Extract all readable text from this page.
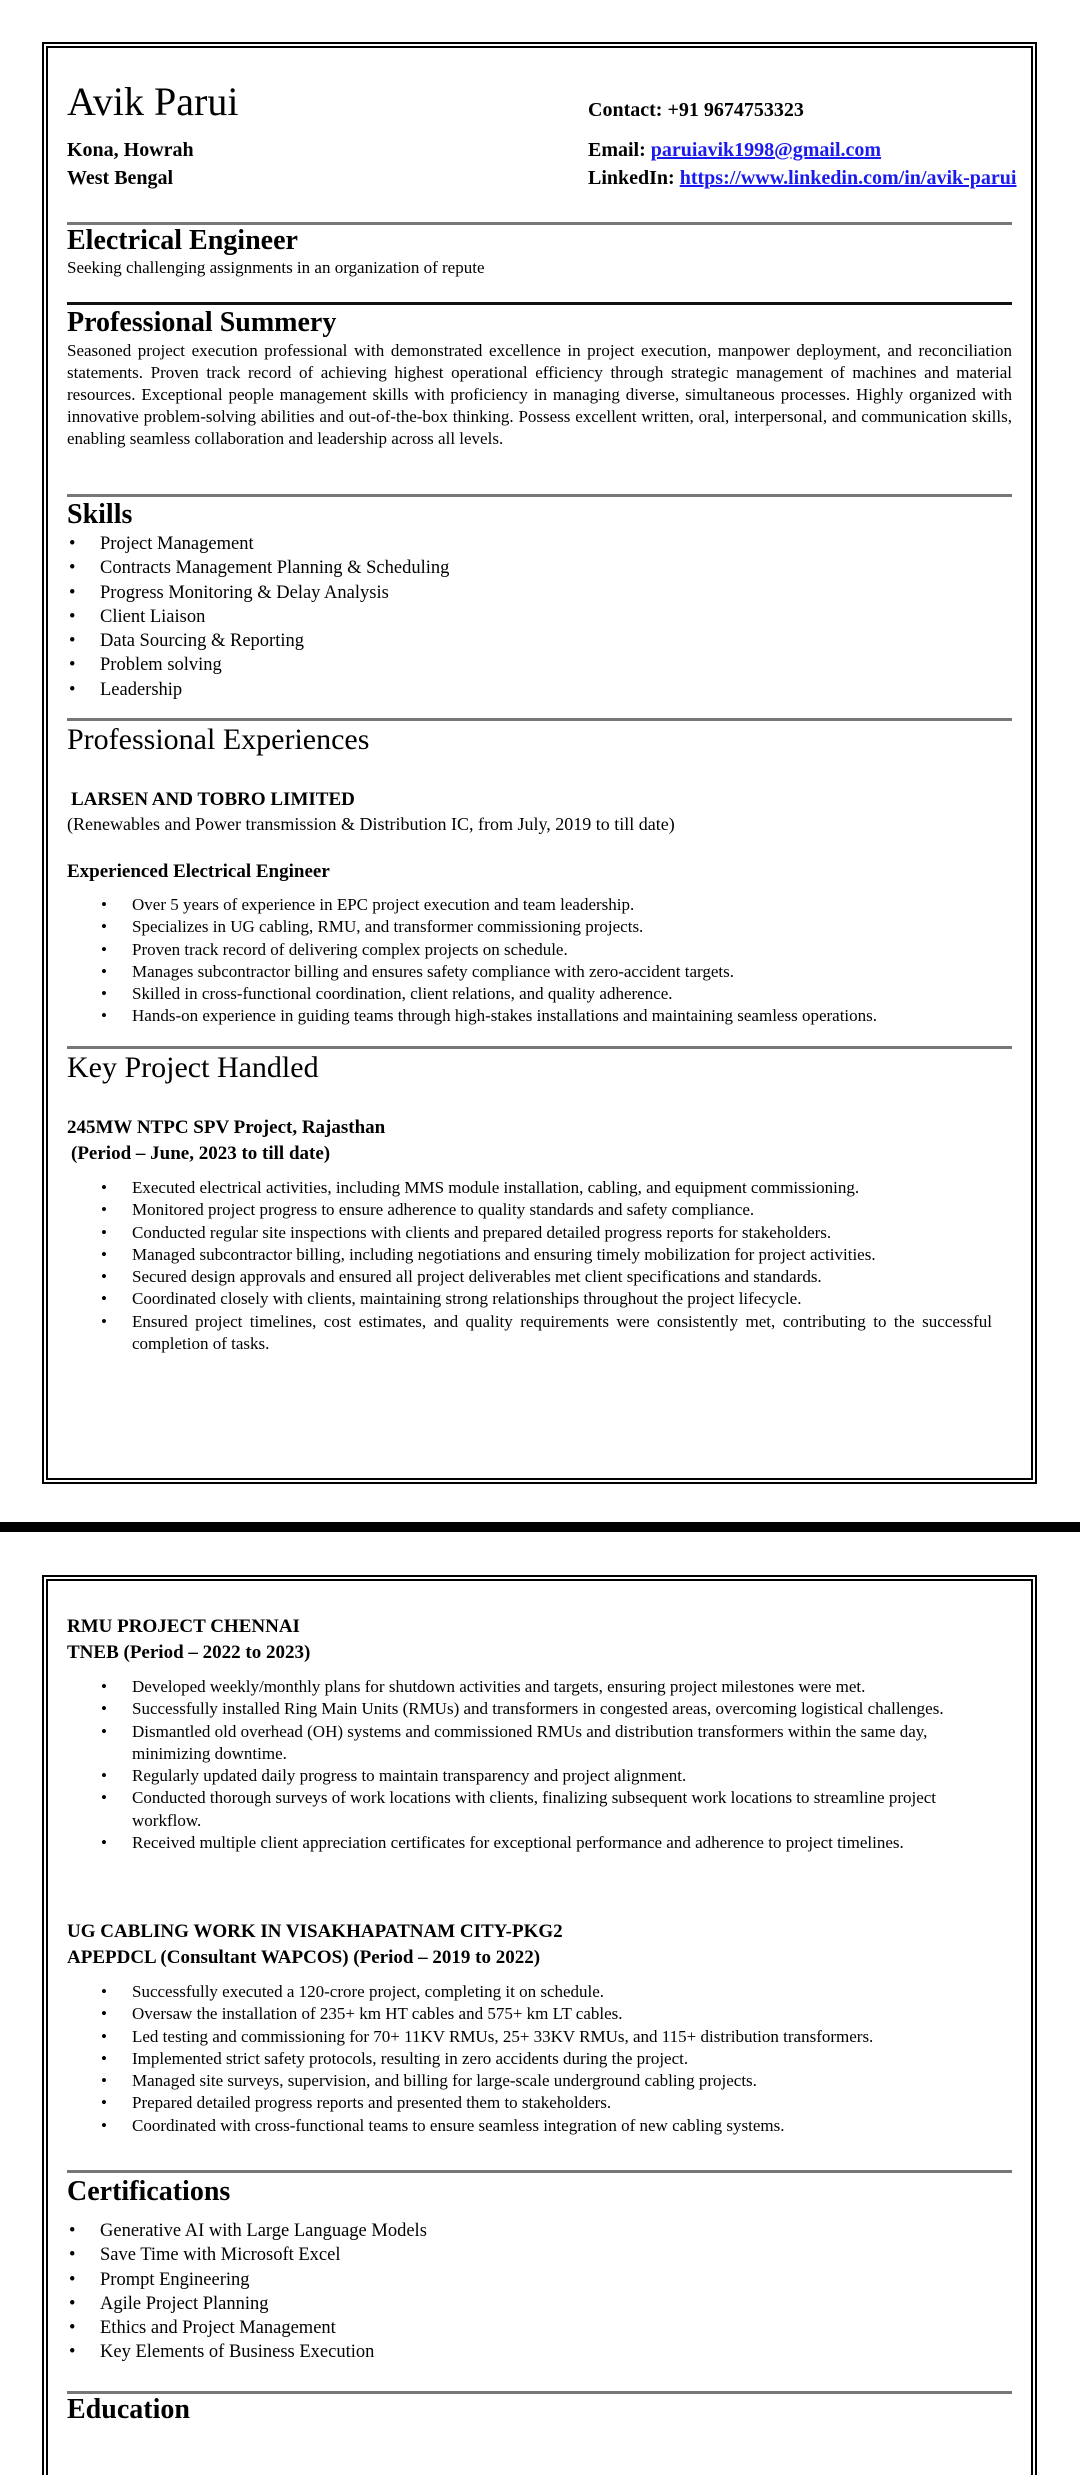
Avik Parui
Kona, Howrah
West Bengal
Contact: +91 9674753323
Email: paruiavik1998@gmail.com
LinkedIn: https://www.linkedin.com/in/avik-parui
Electrical Engineer
Seeking challenging assignments in an organization of repute
Professional Summery
Seasoned project execution professional with demonstrated excellence in project execution, manpower deployment, and reconciliation statements. Proven track record of achieving highest operational efficiency through strategic management of machines and material resources. Exceptional people management skills with proficiency in managing diverse, simultaneous processes. Highly organized with innovative problem-solving abilities and out-of-the-box thinking. Possess excellent written, oral, interpersonal, and communication skills, enabling seamless collaboration and leadership across all levels.
Skills
• Project Management
• Contracts Management Planning & Scheduling
• Progress Monitoring & Delay Analysis
• Client Liaison
• Data Sourcing & Reporting
• Problem solving
• Leadership
Professional Experiences
LARSEN AND TOBRO LIMITED
(Renewables and Power transmission & Distribution IC, from July, 2019 to till date)
Experienced Electrical Engineer
• Over 5 years of experience in EPC project execution and team leadership.
• Specializes in UG cabling, RMU, and transformer commissioning projects.
• Proven track record of delivering complex projects on schedule.
• Manages subcontractor billing and ensures safety compliance with zero-accident targets.
• Skilled in cross-functional coordination, client relations, and quality adherence.
• Hands-on experience in guiding teams through high-stakes installations and maintaining seamless operations.
Key Project Handled
245MW NTPC SPV Project, Rajasthan
(Period – June, 2023 to till date)
• Executed electrical activities, including MMS module installation, cabling, and equipment commissioning.
• Monitored project progress to ensure adherence to quality standards and safety compliance.
• Conducted regular site inspections with clients and prepared detailed progress reports for stakeholders.
• Managed subcontractor billing, including negotiations and ensuring timely mobilization for project activities.
• Secured design approvals and ensured all project deliverables met client specifications and standards.
• Coordinated closely with clients, maintaining strong relationships throughout the project lifecycle.
• Ensured project timelines, cost estimates, and quality requirements were consistently met, contributing to the successful completion of tasks.
RMU PROJECT CHENNAI
TNEB (Period – 2022 to 2023)
• Developed weekly/monthly plans for shutdown activities and targets, ensuring project milestones were met.
• Successfully installed Ring Main Units (RMUs) and transformers in congested areas, overcoming logistical challenges.
• Dismantled old overhead (OH) systems and commissioned RMUs and distribution transformers within the same day, minimizing downtime.
• Regularly updated daily progress to maintain transparency and project alignment.
• Conducted thorough surveys of work locations with clients, finalizing subsequent work locations to streamline project workflow.
• Received multiple client appreciation certificates for exceptional performance and adherence to project timelines.
UG CABLING WORK IN VISAKHAPATNAM CITY-PKG2
APEPDCL (Consultant WAPCOS) (Period – 2019 to 2022)
• Successfully executed a 120-crore project, completing it on schedule.
• Oversaw the installation of 235+ km HT cables and 575+ km LT cables.
• Led testing and commissioning for 70+ 11KV RMUs, 25+ 33KV RMUs, and 115+ distribution transformers.
• Implemented strict safety protocols, resulting in zero accidents during the project.
• Managed site surveys, supervision, and billing for large-scale underground cabling projects.
• Prepared detailed progress reports and presented them to stakeholders.
• Coordinated with cross-functional teams to ensure seamless integration of new cabling systems.
Certifications
• Generative AI with Large Language Models
• Save Time with Microsoft Excel
• Prompt Engineering
• Agile Project Planning
• Ethics and Project Management
• Key Elements of Business Execution
Education
